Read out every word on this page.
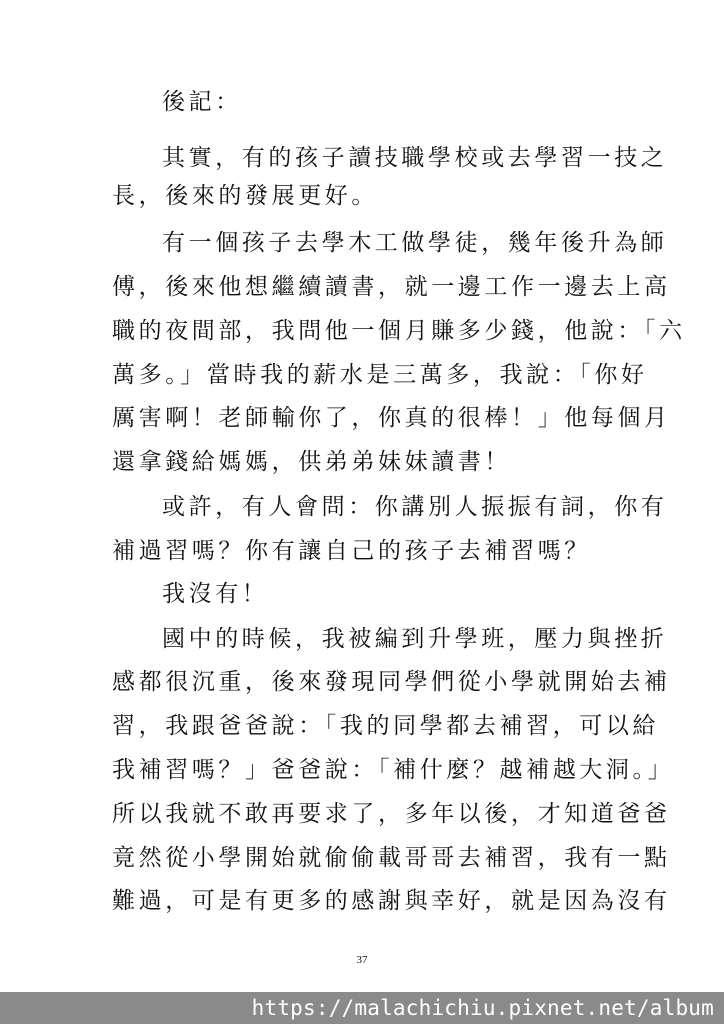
後記：
其實，有的孩子讀技職學校或去學習一技之
長，後來的發展更好。
有一個孩子去學木工做學徒，幾年後升為師
傅，後來他想繼續讀書，就一邊工作一邊去上高
職的夜間部，我問他一個月賺多少錢，他說：「六
萬多。」當時我的薪水是三萬多，我說：「你好
厲害啊！老師輸你了，你真的很棒！」他每個月
還拿錢給媽媽，供弟弟妹妹讀書！
或許，有人會問：你講別人振振有詞，你有
補過習嗎？你有讓自己的孩子去補習嗎？
我沒有！
國中的時候，我被編到升學班，壓力與挫折
感都很沉重，後來發現同學們從小學就開始去補
習，我跟爸爸說：「我的同學都去補習，可以給
我補習嗎？」爸爸說：「補什麼？越補越大洞。」
所以我就不敢再要求了，多年以後，才知道爸爸
竟然從小學開始就偷偷載哥哥去補習，我有一點
難過，可是有更多的感謝與幸好，就是因為沒有
37
https://malachichiu.pixnet.net/album
